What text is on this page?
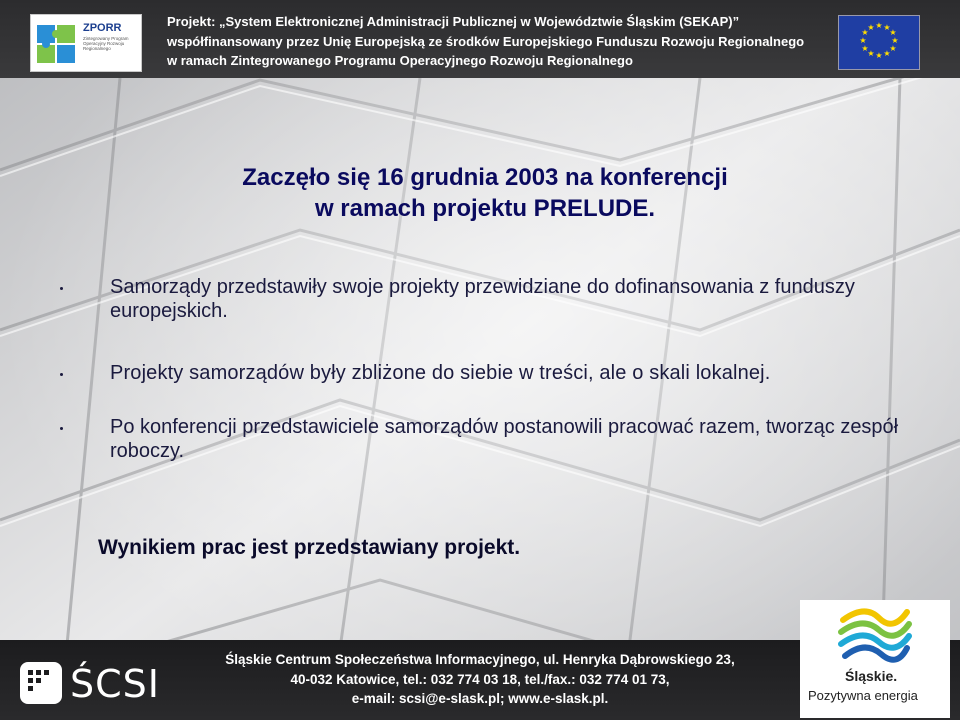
ZPORR
Zintegrowany Program Operacyjny Rozwoju Regionalnego
Projekt: „System Elektronicznej Administracji Publicznej w Województwie Śląskim (SEKAP)”
współfinansowany przez Unię Europejską ze środków Europejskiego Funduszu Rozwoju Regionalnego
w ramach Zintegrowanego Programu Operacyjnego Rozwoju Regionalnego
★ ★
★
★
★
★
★
★
★
★
★
★
Zaczęło się 16 grudnia 2003 na konferencji
w ramach projektu PRELUDE.
Samorządy przedstawiły swoje projekty przewidziane do dofinansowania z funduszy europejskich.
Projekty samorządów były zbliżone do siebie w treści, ale o skali lokalnej.
Po konferencji przedstawiciele samorządów postanowili pracować razem, tworząc zespół roboczy.
Wynikiem prac jest przedstawiany projekt.
ŚCSI
Śląskie Centrum Społeczeństwa Informacyjnego, ul. Henryka Dąbrowskiego 23,
40-032 Katowice, tel.: 032 774 03 18, tel./fax.: 032 774 01 73,
e-mail: scsi@e-slask.pl; www.e-slask.pl.
Śląskie.
Pozytywna energia
